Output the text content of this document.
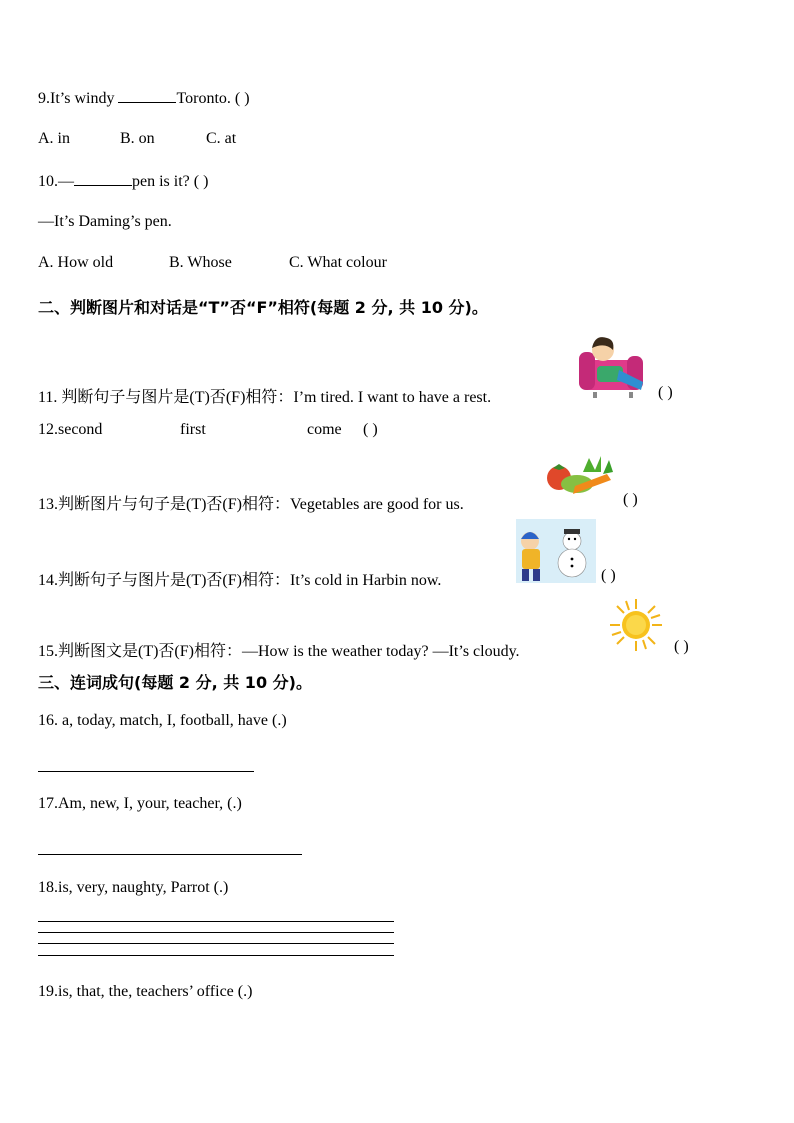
9.It’s windy	Toronto. ( )
A. in	B. on	C. at
10.—	pen is it? ( )
—It’s Daming’s pen.
A. How old	B. Whose	C. What colour
二、判断图片和对话是“T”否“F”相符(每题 2 分, 共 10 分)。
11. 判断句子与图片是(T)否(F)相符：I’m tired. I want to have a rest.	( )
12.second	first	come ( )
13.判断图片与句子是(T)否(F)相符：Vegetables are good for us.	( )
14.判断句子与图片是(T)否(F)相符：It’s cold in Harbin now.	( )
15.判断图文是(T)否(F)相符：—How is the weather today? —It’s cloudy.	( )
三、连词成句(每题 2 分, 共 10 分)。
16. a, today, match, I, football, have (.)
17.Am, new, I, your, teacher, (.)
18.is, very, naughty, Parrot (.)
19.is, that, the, teachers’ office (.)
